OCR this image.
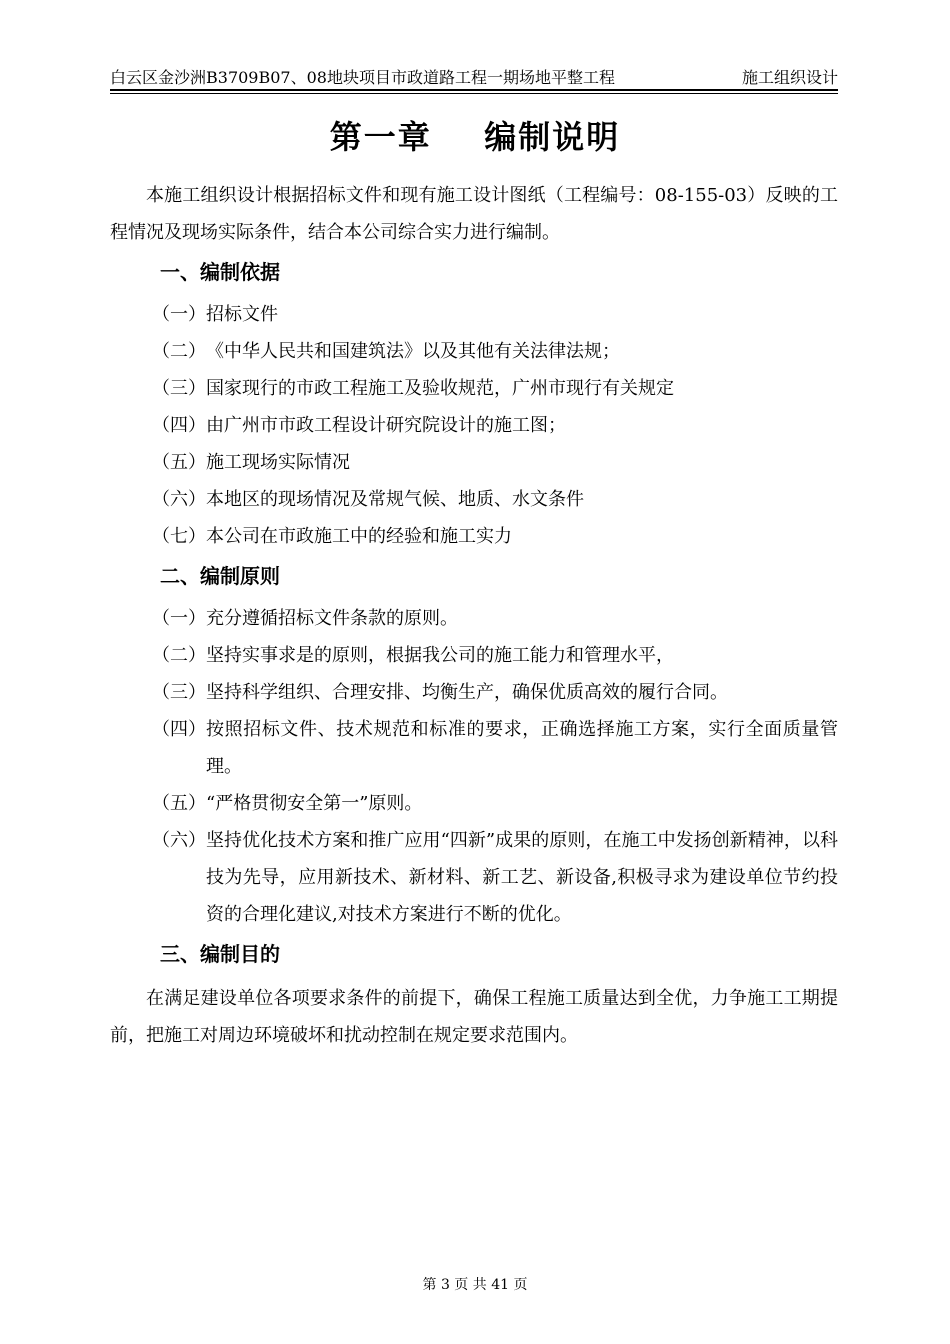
白云区金沙洲B3709B07、08地块项目市政道路工程一期场地平整工程	施工组织设计
第一章    编制说明

本施工组织设计根据招标文件和现有施工设计图纸（工程编号：08-155-03）反映的工程情况及现场实际条件，结合本公司综合实力进行编制。

一、编制依据
（一） 招标文件
（二） 《中华人民共和国建筑法》以及其他有关法律法规；
（三） 国家现行的市政工程施工及验收规范，广州市现行有关规定
（四） 由广州市市政工程设计研究院设计的施工图；
（五） 施工现场实际情况
（六） 本地区的现场情况及常规气候、地质、水文条件
（七） 本公司在市政施工中的经验和施工实力
二、编制原则
（一） 充分遵循招标文件条款的原则。
（二） 坚持实事求是的原则，根据我公司的施工能力和管理水平，
（三） 坚持科学组织、合理安排、均衡生产，确保优质高效的履行合同。
（四） 按照招标文件、技术规范和标准的要求，正确选择施工方案，实行全面质量管理。
（五） “严格贯彻安全第一”原则。
（六） 坚持优化技术方案和推广应用“四新”成果的原则，在施工中发扬创新精神，以科技为先导，应用新技术、新材料、新工艺、新设备,积极寻求为建设单位节约投资的合理化建议,对技术方案进行不断的优化。
三、编制目的

在满足建设单位各项要求条件的前提下，确保工程施工质量达到全优，力争施工工期提前，把施工对周边环境破坏和扰动控制在规定要求范围内。

第 3 页 共 41 页
